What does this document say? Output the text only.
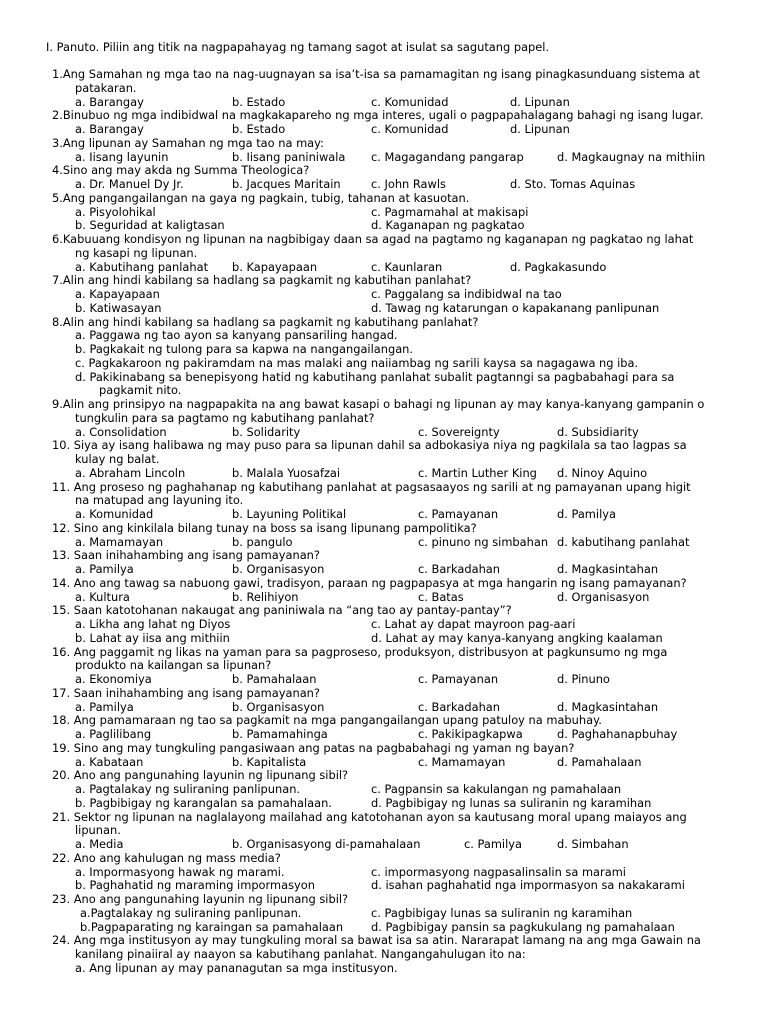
I. Panuto. Piliin ang titik na nagpapahayag ng tamang sagot at isulat sa sagutang papel.
1.Ang Samahan ng mga tao na nag-uugnayan sa isa’t-isa sa pamamagitan ng isang pinagkasunduang sistema at
patakaran.
a. Barangay	b. Estado	c. Komunidad	d. Lipunan
2.Binubuo ng mga indibidwal na magkakapareho ng mga interes, ugali o pagpapahalagang bahagi ng isang lugar.
a. Barangay	b. Estado	c. Komunidad	d. Lipunan
3.Ang lipunan ay Samahan ng mga tao na may:
a. Iisang layunin	b. Iisang paniniwala c. Magagandang pangarap	d. Magkaugnay na mithiin
4.Sino ang may akda ng Summa Theologica?
a. Dr. Manuel Dy Jr.	b. Jacques Maritain	c. John Rawls	d. Sto. Tomas Aquinas
5.Ang pangangailangan na gaya ng pagkain, tubig, tahanan at kasuotan.
a. Pisyolohikal	c. Pagmamahal at makisapi
b. Seguridad at kaligtasan	d. Kaganapan ng pagkatao
6.Kabuuang kondisyon ng lipunan na nagbibigay daan sa agad na pagtamo ng kaganapan ng pagkatao ng lahat
ng kasapi ng lipunan.
a. Kabutihang panlahat b. Kapayapaan	c. Kaunlaran	d. Pagkakasundo
7.Alin ang hindi kabilang sa hadlang sa pagkamit ng kabutihan panlahat?
a. Kapayapaan	c. Paggalang sa indibidwal na tao
b. Katiwasayan	d. Tawag ng katarungan o kapakanang panlipunan
8.Alin ang hindi kabilang sa hadlang sa pagkamit ng kabutihang panlahat?
a. Paggawa ng tao ayon sa kanyang pansariling hangad.
b. Pagkakait ng tulong para sa kapwa na nangangailangan.
c. Pagkakaroon ng pakiramdam na mas malaki ang naiiambag ng sarili kaysa sa nagagawa ng iba.
d. Pakikinabang sa benepisyong hatid ng kabutihang panlahat subalit pagtanngi sa pagbabahagi para sa
pagkamit nito.
9.Alin ang prinsipyo na nagpapakita na ang bawat kasapi o bahagi ng lipunan ay may kanya-kanyang gampanin o
tungkulin para sa pagtamo ng kabutihang panlahat?
a. Consolidation	b. Solidarity	c. Sovereignty	d. Subsidiarity
10. Siya ay isang halibawa ng may puso para sa lipunan dahil sa adbokasiya niya ng pagkilala sa tao lagpas sa
kulay ng balat.
a. Abraham Lincoln	b. Malala Yuosafzai	c. Martin Luther King d. Ninoy Aquino
11. Ang proseso ng paghahanap ng kabutihang panlahat at pagsasaayos ng sarili at ng pamayanan upang higit
na matupad ang layuning ito.
a. Komunidad	b. Layuning Politikal	c. Pamayanan	d. Pamilya
12. Sino ang kinkilala bilang tunay na boss sa isang lipunang pampolitika?
a. Mamamayan	b. pangulo	c. pinuno ng simbahan d. kabutihang panlahat
13. Saan inihahambing ang isang pamayanan?
a. Pamilya	b. Organisasyon	c. Barkadahan	d. Magkasintahan
14. Ano ang tawag sa nabuong gawi, tradisyon, paraan ng pagpapasya at mga hangarin ng isang pamayanan?
a. Kultura	b. Relihiyon	c. Batas	d. Organisasyon
15. Saan katotohanan nakaugat ang paniniwala na “ang tao ay pantay-pantay”?
a. Likha ang lahat ng Diyos	c. Lahat ay dapat mayroon pag-aari
b. Lahat ay iisa ang mithiin	d. Lahat ay may kanya-kanyang angking kaalaman
16. Ang paggamit ng likas na yaman para sa pagproseso, produksyon, distribusyon at pagkunsumo ng mga
produkto na kailangan sa lipunan?
a. Ekonomiya	b. Pamahalaan	c. Pamayanan	d. Pinuno
17. Saan inihahambing ang isang pamayanan?
a. Pamilya	b. Organisasyon	c. Barkadahan	d. Magkasintahan
18. Ang pamamaraan ng tao sa pagkamit na mga pangangailangan upang patuloy na mabuhay.
a. Paglilibang	b. Pamamahinga	c. Pakikipagkapwa	d. Paghahanapbuhay
19. Sino ang may tungkuling pangasiwaan ang patas na pagbabahagi ng yaman ng bayan?
a. Kabataan	b. Kapitalista	c. Mamamayan	d. Pamahalaan
20. Ano ang pangunahing layunin ng lipunang sibil?
a. Pagtalakay ng suliraning panlipunan.	c. Pagpansin sa kakulangan ng pamahalaan
b. Pagbibigay ng karangalan sa pamahalaan.	d. Pagbibigay ng lunas sa suliranin ng karamihan
21. Sektor ng lipunan na naglalayong mailahad ang katotohanan ayon sa kautusang moral upang maiayos ang
lipunan.
a. Media	b. Organisasyong di-pamahalaan	c. Pamilya	d. Simbahan
22. Ano ang kahulugan ng mass media?
a. Impormasyong hawak ng marami.	c. impormasyong nagpasalinsalin sa marami
b. Paghahatid ng maraming impormasyon	d. isahan paghahatid nga impormasyon sa nakakarami
23. Ano ang pangunahing layunin ng lipunang sibil?
a.Pagtalakay ng suliraning panlipunan.	c. Pagbibigay lunas sa suliranin ng karamihan
b.Pagpaparating ng karaingan sa pamahalaan d. Pagbibigay pansin sa pagkukulang ng pamahalaan
24. Ang mga institusyon ay may tungkuling moral sa bawat isa sa atin. Nararapat lamang na ang mga Gawain na
kanilang pinaiiral ay naayon sa kabutihang panlahat. Nangangahulugan ito na:
a. Ang lipunan ay may pananagutan sa mga institusyon.
